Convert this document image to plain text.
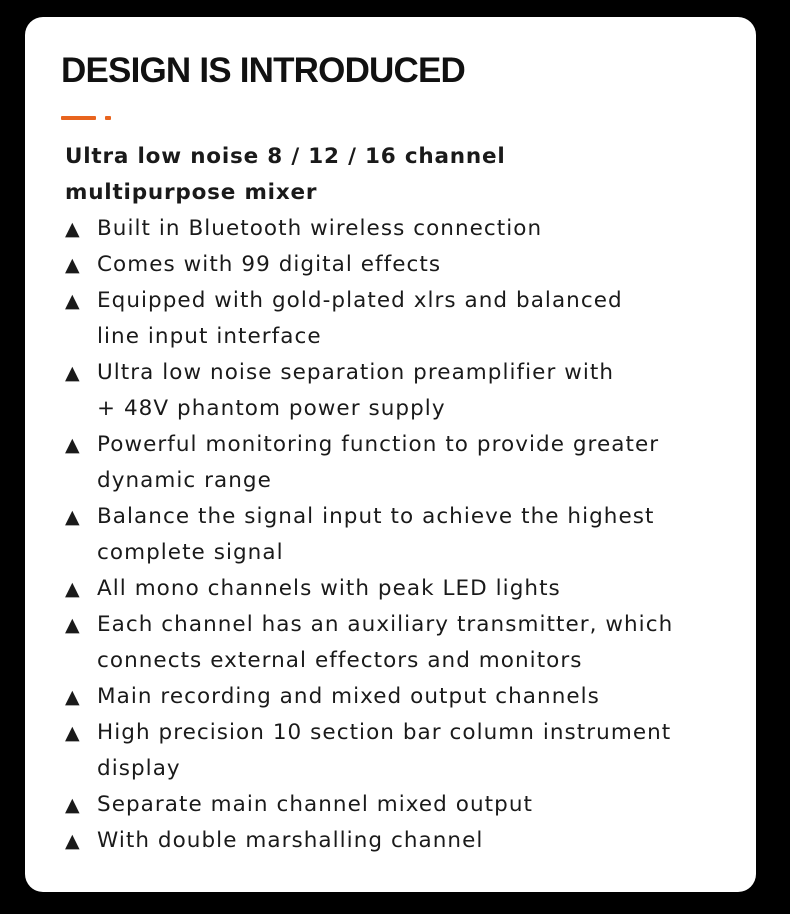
DESIGN IS INTRODUCED

Ultra low noise 8 / 12 / 16 channel
multipurpose mixer

▲ Built in Bluetooth wireless connection
▲ Comes with 99 digital effects
▲ Equipped with gold-plated xlrs and balanced
line input interface
▲ Ultra low noise separation preamplifier with
+ 48V phantom power supply
▲ Powerful monitoring function to provide greater
dynamic range
▲ Balance the signal input to achieve the highest
complete signal
▲ All mono channels with peak LED lights
▲ Each channel has an auxiliary transmitter, which
connects external effectors and monitors
▲ Main recording and mixed output channels
▲ High precision 10 section bar column instrument
display
▲ Separate main channel mixed output
▲ With double marshalling channel
